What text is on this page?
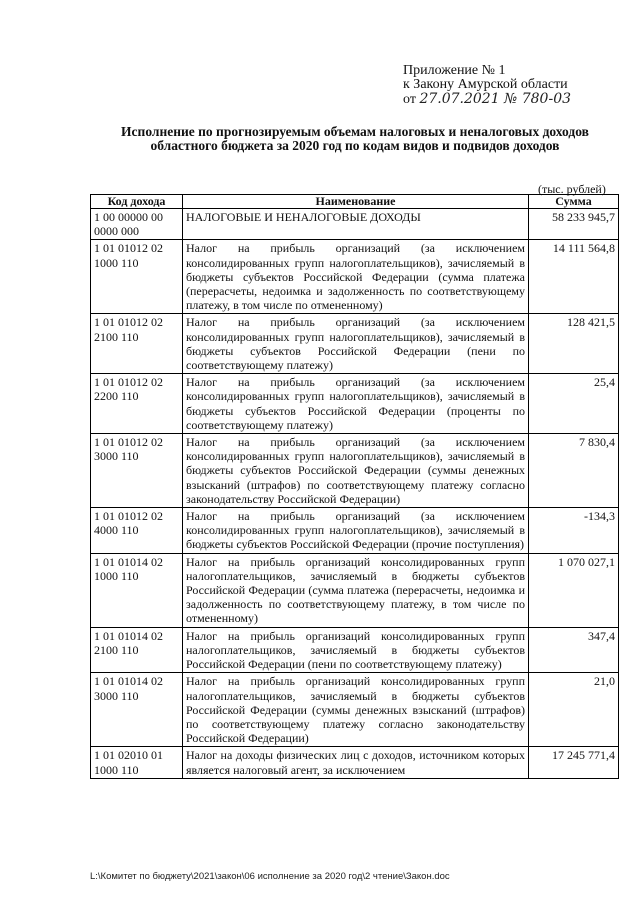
Приложение № 1
к Закону Амурской области
от 27.07.2021 № 780-03
Исполнение по прогнозируемым объемам налоговых и неналоговых доходов областного бюджета за 2020 год по кодам видов и подвидов доходов
(тыс. рублей)
Код дохода	Наименование	Сумма
1 00 00000 00 0000 000	НАЛОГОВЫЕ И НЕНАЛОГОВЫЕ ДОХОДЫ	58 233 945,7
1 01 01012 02 1000 110	Налог на прибыль организаций (за исключением консолидированных групп налогоплательщиков), зачисляемый в бюджеты субъектов Российской Федерации (сумма платежа (перерасчеты, недоимка и задолженность по соответствующему платежу, в том числе по отмененному)	14 111 564,8
1 01 01012 02 2100 110	Налог на прибыль организаций (за исключением консолидированных групп налогоплательщиков), зачисляемый в бюджеты субъектов Российской Федерации (пени по соответствующему платежу)	128 421,5
1 01 01012 02 2200 110	Налог на прибыль организаций (за исключением консолидированных групп налогоплательщиков), зачисляемый в бюджеты субъектов Российской Федерации (проценты по соответствующему платежу)	25,4
1 01 01012 02 3000 110	Налог на прибыль организаций (за исключением консолидированных групп налогоплательщиков), зачисляемый в бюджеты субъектов Российской Федерации (суммы денежных взысканий (штрафов) по соответствующему платежу согласно законодательству Российской Федерации)	7 830,4
1 01 01012 02 4000 110	Налог на прибыль организаций (за исключением консолидированных групп налогоплательщиков), зачисляемый в бюджеты субъектов Российской Федерации (прочие поступления)	-134,3
1 01 01014 02 1000 110	Налог на прибыль организаций консолидированных групп налогоплательщиков, зачисляемый в бюджеты субъектов Российской Федерации (сумма платежа (перерасчеты, недоимка и задолженность по соответствующему платежу, в том числе по отмененному)	1 070 027,1
1 01 01014 02 2100 110	Налог на прибыль организаций консолидированных групп налогоплательщиков, зачисляемый в бюджеты субъектов Российской Федерации (пени по соответствующему платежу)	347,4
1 01 01014 02 3000 110	Налог на прибыль организаций консолидированных групп налогоплательщиков, зачисляемый в бюджеты субъектов Российской Федерации (суммы денежных взысканий (штрафов) по соответствующему платежу согласно законодательству Российской Федерации)	21,0
1 01 02010 01 1000 110	Налог на доходы физических лиц с доходов, источником которых является налоговый агент, за исключением	17 245 771,4
L:\Комитет по бюджету\2021\закон\06 исполнение за 2020 год\2 чтение\Закон.doc
